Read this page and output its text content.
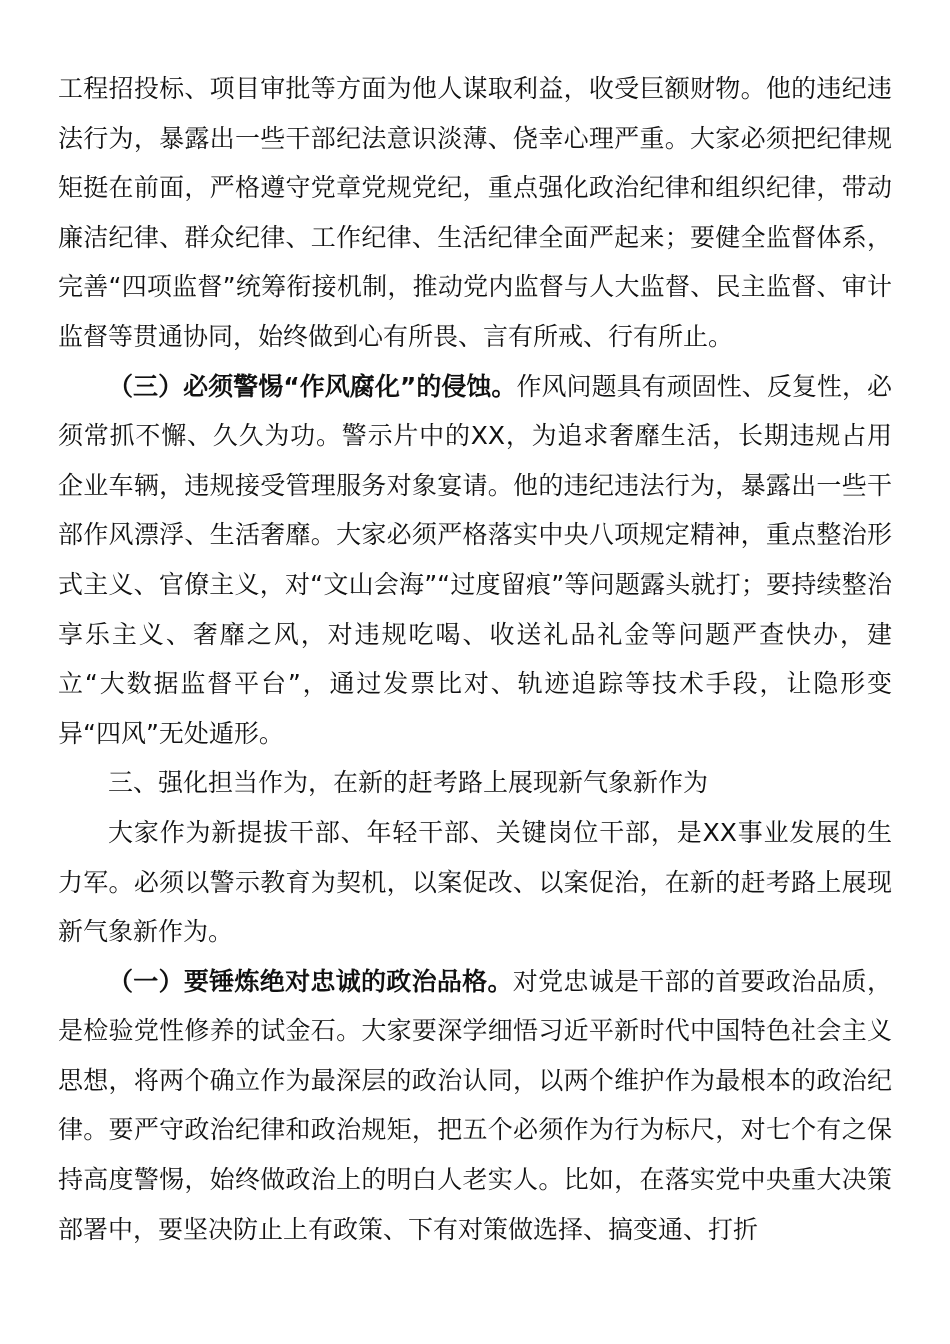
工程招投标、项目审批等方面为他人谋取利益，收受巨额财物。他的违纪违法行为，暴露出一些干部纪法意识淡薄、侥幸心理严重。大家必须把纪律规矩挺在前面，严格遵守党章党规党纪，重点强化政治纪律和组织纪律，带动廉洁纪律、群众纪律、工作纪律、生活纪律全面严起来；要健全监督体系，完善“四项监督”统筹衔接机制，推动党内监督与人大监督、民主监督、审计监督等贯通协同，始终做到心有所畏、言有所戒、行有所止。

（三）必须警惕“作风腐化”的侵蚀。作风问题具有顽固性、反复性，必须常抓不懈、久久为功。警示片中的XX，为追求奢靡生活，长期违规占用企业车辆，违规接受管理服务对象宴请。他的违纪违法行为，暴露出一些干部作风漂浮、生活奢靡。大家必须严格落实中央八项规定精神，重点整治形式主义、官僚主义，对“文山会海”“过度留痕”等问题露头就打；要持续整治享乐主义、奢靡之风，对违规吃喝、收送礼品礼金等问题严查快办，建立“大数据监督平台”，通过发票比对、轨迹追踪等技术手段，让隐形变异“四风”无处遁形。

三、强化担当作为，在新的赶考路上展现新气象新作为

大家作为新提拔干部、年轻干部、关键岗位干部，是XX事业发展的生力军。必须以警示教育为契机，以案促改、以案促治，在新的赶考路上展现新气象新作为。

（一）要锤炼绝对忠诚的政治品格。对党忠诚是干部的首要政治品质，是检验党性修养的试金石。大家要深学细悟习近平新时代中国特色社会主义思想，将两个确立作为最深层的政治认同，以两个维护作为最根本的政治纪律。要严守政治纪律和政治规矩，把五个必须作为行为标尺，对七个有之保持高度警惕，始终做政治上的明白人老实人。比如，在落实党中央重大决策部署中，要坚决防止上有政策、下有对策做选择、搞变通、打折
